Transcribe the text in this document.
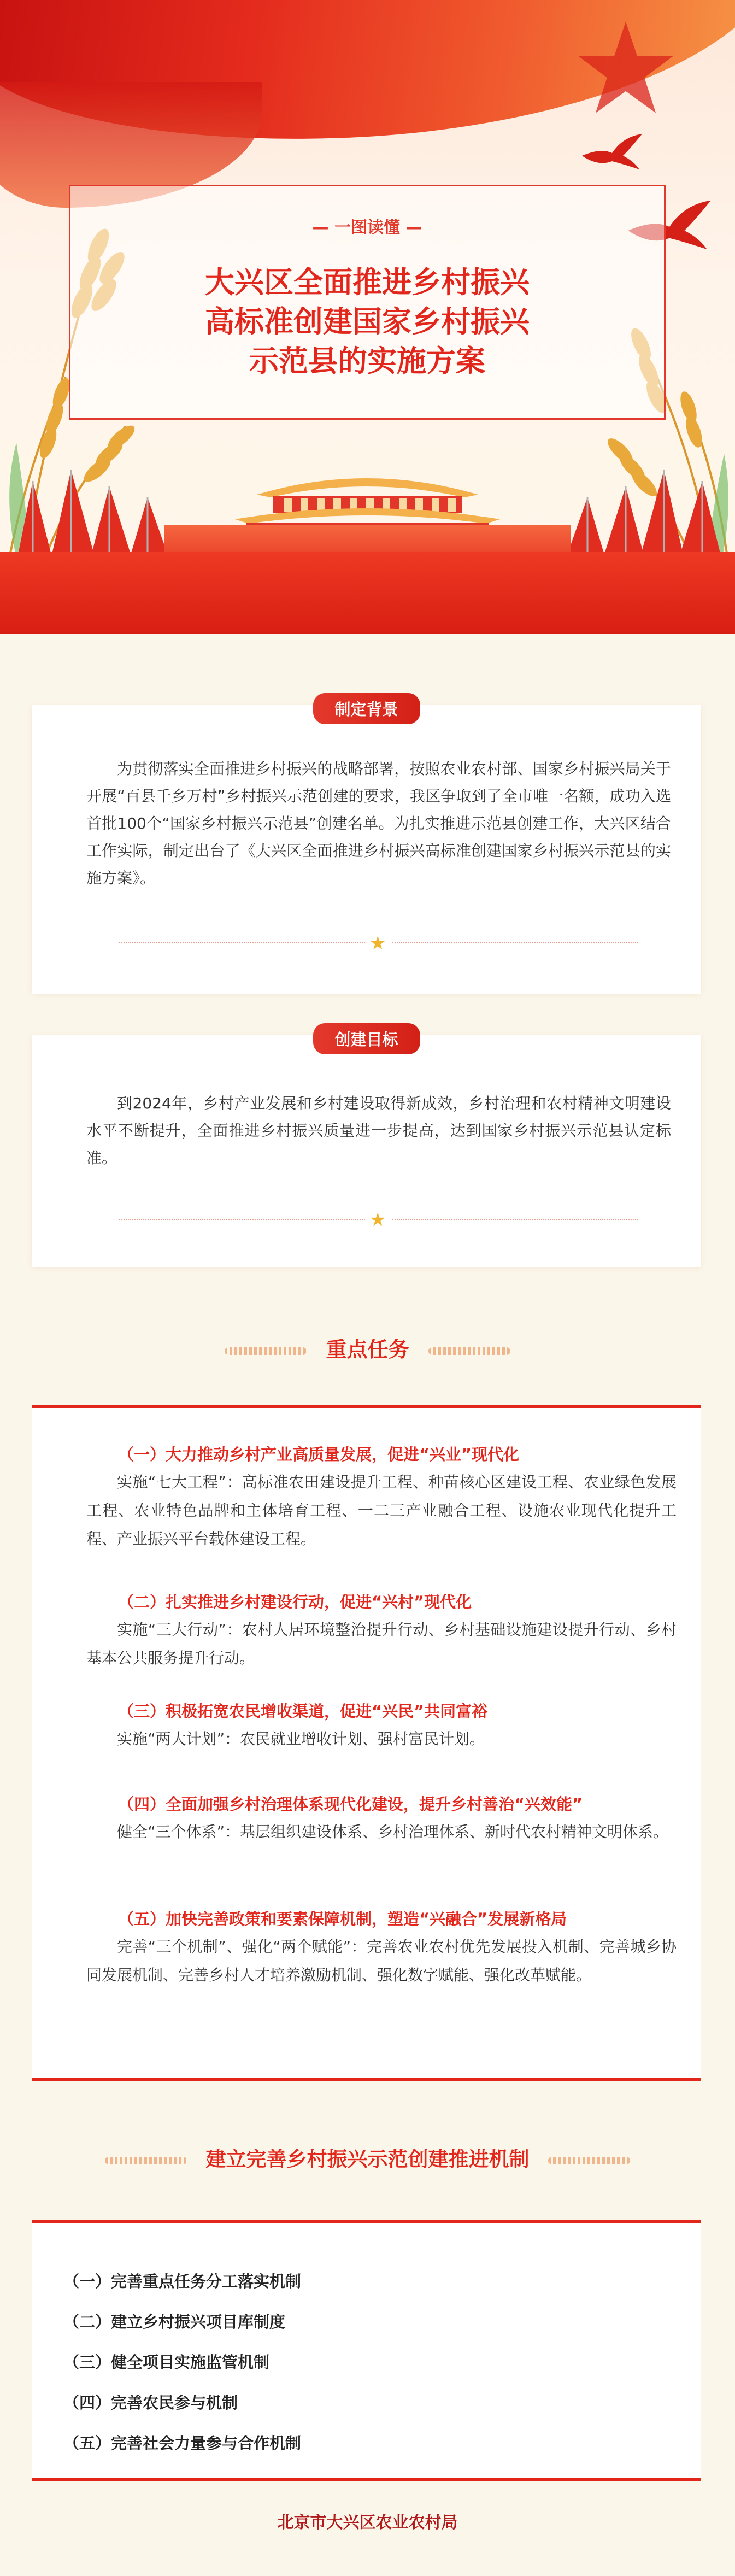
— 一图读懂 —
大兴区全面推进乡村振兴
高标准创建国家乡村振兴
示范县的实施方案
制定背景
为贯彻落实全面推进乡村振兴的战略部署，按照农业农村部、国家乡村振兴局关于开展“百县千乡万村”乡村振兴示范创建的要求，我区争取到了全市唯一名额，成功入选首批100个“国家乡村振兴示范县”创建名单。为扎实推进示范县创建工作，大兴区结合工作实际，制定出台了《大兴区全面推进乡村振兴高标准创建国家乡村振兴示范县的实施方案》。
★
创建目标
到2024年，乡村产业发展和乡村建设取得新成效，乡村治理和农村精神文明建设水平不断提升，全面推进乡村振兴质量进一步提高，达到国家乡村振兴示范县认定标准。
★
重点任务
（一）大力推动乡村产业高质量发展，促进“兴业”现代化
实施“七大工程”：高标准农田建设提升工程、种苗核心区建设工程、农业绿色发展工程、农业特色品牌和主体培育工程、一二三产业融合工程、设施农业现代化提升工程、产业振兴平台载体建设工程。
（二）扎实推进乡村建设行动，促进“兴村”现代化
实施“三大行动”：农村人居环境整治提升行动、乡村基础设施建设提升行动、乡村基本公共服务提升行动。
（三）积极拓宽农民增收渠道，促进“兴民”共同富裕
实施“两大计划”：农民就业增收计划、强村富民计划。
（四）全面加强乡村治理体系现代化建设，提升乡村善治“兴效能”
健全“三个体系”：基层组织建设体系、乡村治理体系、新时代农村精神文明体系。
（五）加快完善政策和要素保障机制，塑造“兴融合”发展新格局
完善“三个机制”、强化“两个赋能”：完善农业农村优先发展投入机制、完善城乡协同发展机制、完善乡村人才培养激励机制、强化数字赋能、强化改革赋能。
建立完善乡村振兴示范创建推进机制
（一）完善重点任务分工落实机制
（二）建立乡村振兴项目库制度
（三）健全项目实施监管机制
（四）完善农民参与机制
（五）完善社会力量参与合作机制
北京市大兴区农业农村局
